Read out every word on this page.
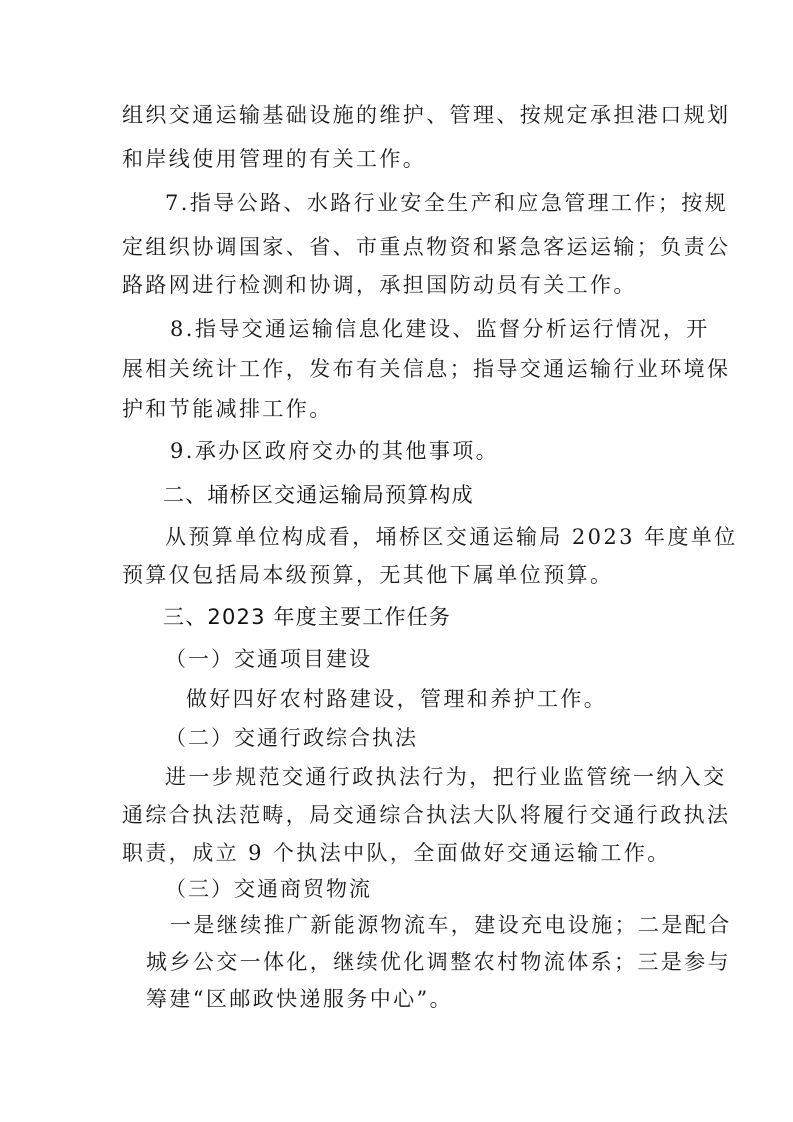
组织交通运输基础设施的维护、管理、按规定承担港口规划
和岸线使用管理的有关工作。
7.指导公路、水路行业安全生产和应急管理工作；按规
定组织协调国家、省、市重点物资和紧急客运运输；负责公
路路网进行检测和协调，承担国防动员有关工作。
8.指导交通运输信息化建设、监督分析运行情况，开
展相关统计工作，发布有关信息；指导交通运输行业环境保
护和节能减排工作。
9.承办区政府交办的其他事项。
二、埇桥区交通运输局预算构成
从预算单位构成看，埇桥区交通运输局 2023 年度单位
预算仅包括局本级预算，无其他下属单位预算。
三、2023 年度主要工作任务
（一）交通项目建设
做好四好农村路建设，管理和养护工作。
（二）交通行政综合执法
进一步规范交通行政执法行为，把行业监管统一纳入交
通综合执法范畴，局交通综合执法大队将履行交通行政执法
职责，成立 9 个执法中队，全面做好交通运输工作。
（三）交通商贸物流
一是继续推广新能源物流车，建设充电设施；二是配合
城乡公交一体化，继续优化调整农村物流体系；三是参与
筹建“区邮政快递服务中心”。
